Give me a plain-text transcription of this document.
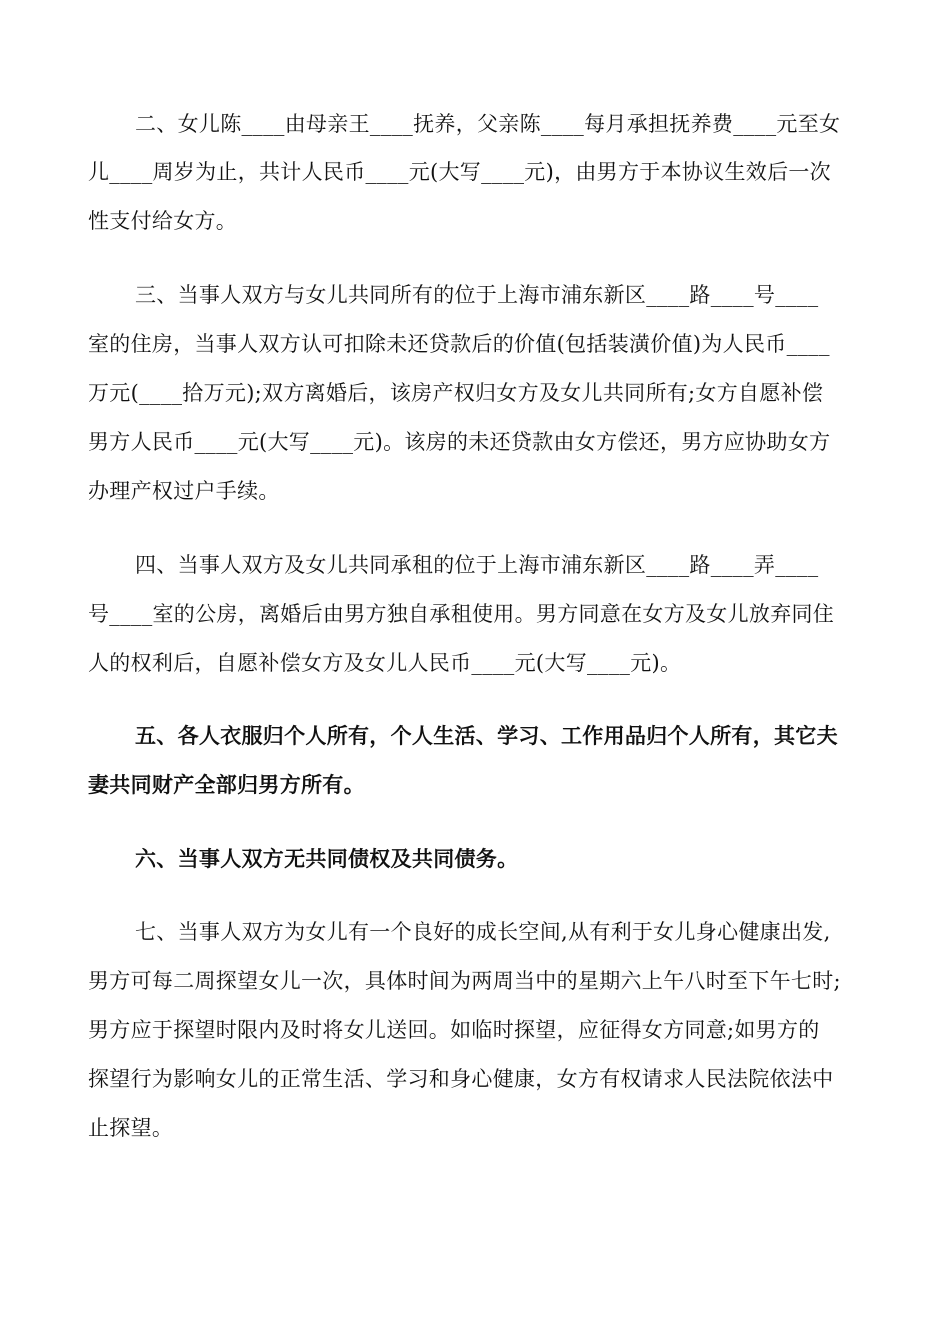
二、女儿陈____由母亲王____抚养，父亲陈____每月承担抚养费____元至女
儿____周岁为止，共计人民币____元(大写____元)，由男方于本协议生效后一次
性支付给女方。
三、当事人双方与女儿共同所有的位于上海市浦东新区____路____号____
室的住房，当事人双方认可扣除未还贷款后的价值(包括装潢价值)为人民币____
万元(____拾万元);双方离婚后，该房产权归女方及女儿共同所有;女方自愿补偿
男方人民币____元(大写____元)。该房的未还贷款由女方偿还，男方应协助女方
办理产权过户手续。
四、当事人双方及女儿共同承租的位于上海市浦东新区____路____弄____
号____室的公房，离婚后由男方独自承租使用。男方同意在女方及女儿放弃同住
人的权利后，自愿补偿女方及女儿人民币____元(大写____元)。
五、各人衣服归个人所有，个人生活、学习、工作用品归个人所有，其它夫
妻共同财产全部归男方所有。
六、当事人双方无共同债权及共同债务。
七、当事人双方为女儿有一个良好的成长空间,从有利于女儿身心健康出发,
男方可每二周探望女儿一次，具体时间为两周当中的星期六上午八时至下午七时;
男方应于探望时限内及时将女儿送回。如临时探望，应征得女方同意;如男方的
探望行为影响女儿的正常生活、学习和身心健康，女方有权请求人民法院依法中
止探望。
